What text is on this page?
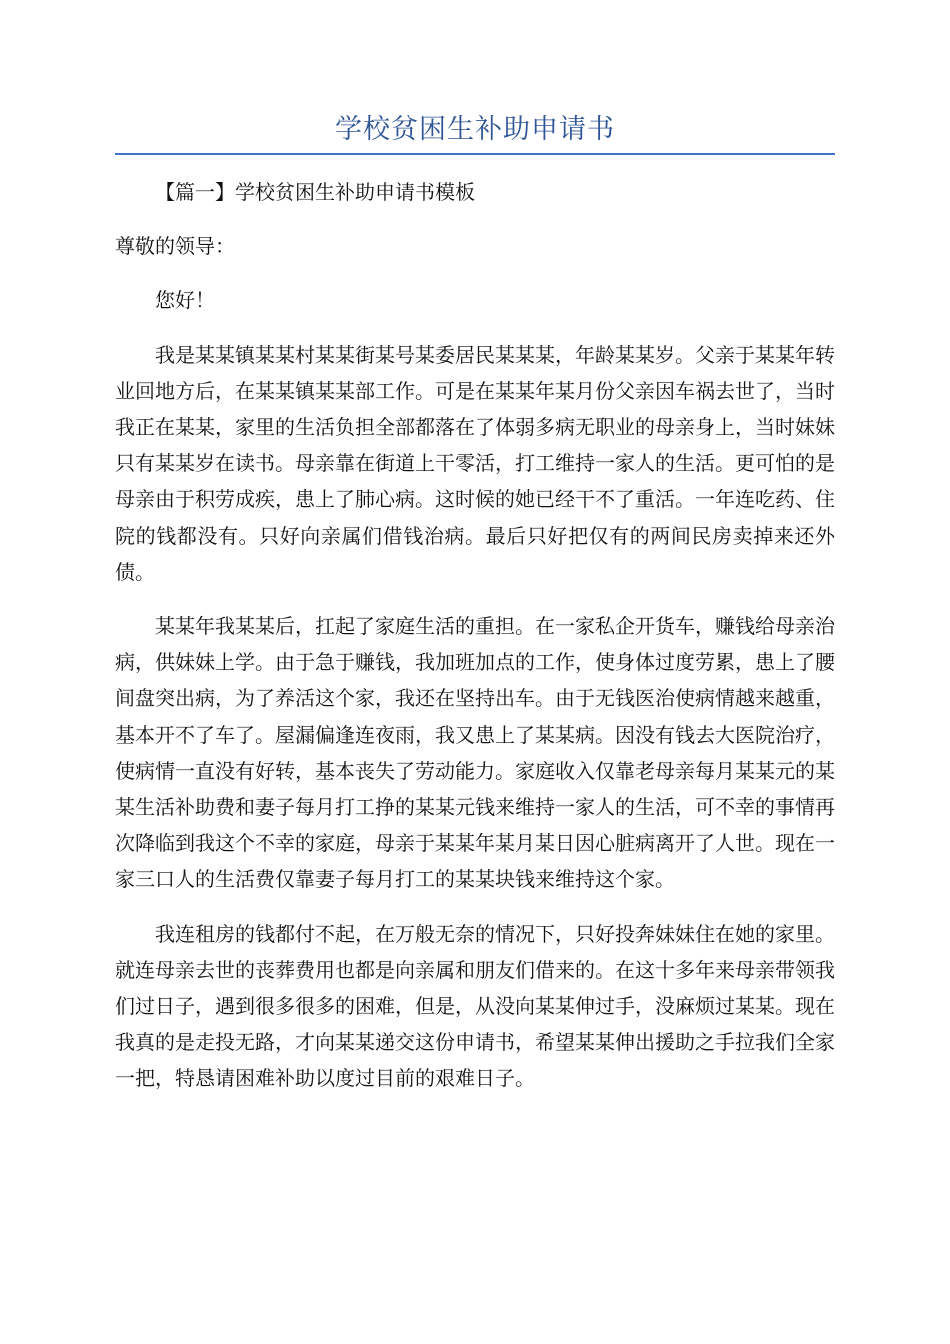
学校贫困生补助申请书

【篇一】学校贫困生补助申请书模板

尊敬的领导：

您好！

我是某某镇某某村某某街某号某委居民某某某，年龄某某岁。父亲于某某年转业回地方后，在某某镇某某部工作。可是在某某年某月份父亲因车祸去世了，当时我正在某某，家里的生活负担全部都落在了体弱多病无职业的母亲身上，当时妹妹只有某某岁在读书。母亲靠在街道上干零活，打工维持一家人的生活。更可怕的是母亲由于积劳成疾，患上了肺心病。这时候的她已经干不了重活。一年连吃药、住院的钱都没有。只好向亲属们借钱治病。最后只好把仅有的两间民房卖掉来还外债。

某某年我某某后，扛起了家庭生活的重担。在一家私企开货车，赚钱给母亲治病，供妹妹上学。由于急于赚钱，我加班加点的工作，使身体过度劳累，患上了腰间盘突出病，为了养活这个家，我还在坚持出车。由于无钱医治使病情越来越重，基本开不了车了。屋漏偏逢连夜雨，我又患上了某某病。因没有钱去大医院治疗，使病情一直没有好转，基本丧失了劳动能力。家庭收入仅靠老母亲每月某某元的某某生活补助费和妻子每月打工挣的某某元钱来维持一家人的生活，可不幸的事情再次降临到我这个不幸的家庭，母亲于某某年某月某日因心脏病离开了人世。现在一家三口人的生活费仅靠妻子每月打工的某某块钱来维持这个家。

我连租房的钱都付不起，在万般无奈的情况下，只好投奔妹妹住在她的家里。就连母亲去世的丧葬费用也都是向亲属和朋友们借来的。在这十多年来母亲带领我们过日子，遇到很多很多的困难，但是，从没向某某伸过手，没麻烦过某某。现在我真的是走投无路，才向某某递交这份申请书，希望某某伸出援助之手拉我们全家一把，特恳请困难补助以度过目前的艰难日子。
